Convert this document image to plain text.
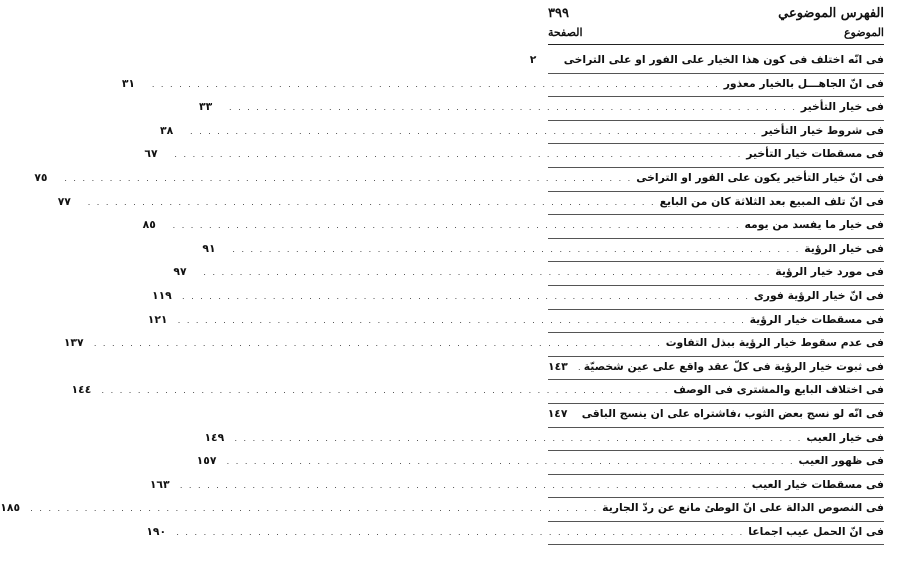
الفهرس الموضوعي
٣٩٩
الموضوع
الصفحة
فى انّه اختلف فى كون هذا الخيار على الفور او على التراخى
٢
فى انّ الجاهـــل بالخيار معذور
. . . . . . . . . . . . . . . . . . . . . . . . . . . . . . . . . . . . . . . . . . . . . . . . . . . . . . . . . . . . . . .
٣١
فى خيار التأخير
. . . . . . . . . . . . . . . . . . . . . . . . . . . . . . . . . . . . . . . . . . . . . . . . . . . . . . . . . . . . . . .
٣٣
فى شروط خيار التأخير
. . . . . . . . . . . . . . . . . . . . . . . . . . . . . . . . . . . . . . . . . . . . . . . . . . . . . . . . . . . . . . .
٣٨
فى مسقطات خيار التأخير
. . . . . . . . . . . . . . . . . . . . . . . . . . . . . . . . . . . . . . . . . . . . . . . . . . . . . . . . . . . . . . .
٦٧
فى انّ خيار التأخير يكون على الفور او التراخى
. . . . . . . . . . . . . . . . . . . . . . . . . . . . . . . . . . . . . . . . . . . . . . . . . . . . . . . . . . . . . . .
٧٥
فى انّ تلف المبيع بعد الثلاثة كان من البايع
. . . . . . . . . . . . . . . . . . . . . . . . . . . . . . . . . . . . . . . . . . . . . . . . . . . . . . . . . . . . . . .
٧٧
فى خيار ما يفسد من يومه
. . . . . . . . . . . . . . . . . . . . . . . . . . . . . . . . . . . . . . . . . . . . . . . . . . . . . . . . . . . . . . .
٨٥
فى خيار الرؤية
. . . . . . . . . . . . . . . . . . . . . . . . . . . . . . . . . . . . . . . . . . . . . . . . . . . . . . . . . . . . . . .
٩١
فى مورد خيار الرؤية
. . . . . . . . . . . . . . . . . . . . . . . . . . . . . . . . . . . . . . . . . . . . . . . . . . . . . . . . . . . . . . .
٩٧
فى انّ خيار الرؤية فورى
. . . . . . . . . . . . . . . . . . . . . . . . . . . . . . . . . . . . . . . . . . . . . . . . . . . . . . . . . . . . . . .
١١٩
فى مسقطات خيار الرؤية
. . . . . . . . . . . . . . . . . . . . . . . . . . . . . . . . . . . . . . . . . . . . . . . . . . . . . . . . . . . . . . .
١٢١
فى عدم سقوط خيار الرؤية ببذل التفاوت
. . . . . . . . . . . . . . . . . . . . . . . . . . . . . . . . . . . . . . . . . . . . . . . . . . . . . . . . . . . . . . .
١٣٧
فى ثبوت خيار الرؤية فى كلّ عقد واقع على عين شخصيّة
١٤٣
فى اختلاف البايع والمشترى فى الوصف
. . . . . . . . . . . . . . . . . . . . . . . . . . . . . . . . . . . . . . . . . . . . . . . . . . . . . . . . . . . . . . .
١٤٤
فى انّه لو نسج بعض الثوب ،فاشتراه على ان ينسج الباقى
١٤٧
فى خيار العيب
. . . . . . . . . . . . . . . . . . . . . . . . . . . . . . . . . . . . . . . . . . . . . . . . . . . . . . . . . . . . . . .
١٤٩
فى ظهور العيب
. . . . . . . . . . . . . . . . . . . . . . . . . . . . . . . . . . . . . . . . . . . . . . . . . . . . . . . . . . . . . . .
١٥٧
فى مسقطات خيار العيب
. . . . . . . . . . . . . . . . . . . . . . . . . . . . . . . . . . . . . . . . . . . . . . . . . . . . . . . . . . . . . . .
١٦٣
فى النصوص الدالة على انّ الوطئ مانع عن ردّ الجارية
. . . . . . . . . . . . . . . . . . . . . . . . . . . . . . . . . . . . . . . . . . . . . . . . . . . . . . . . . . . . . . .
١٨٥
فى انّ الحمل عيب اجماعا
. . . . . . . . . . . . . . . . . . . . . . . . . . . . . . . . . . . . . . . . . . . . . . . . . . . . . . . . . . . . . . .
١٩٠
